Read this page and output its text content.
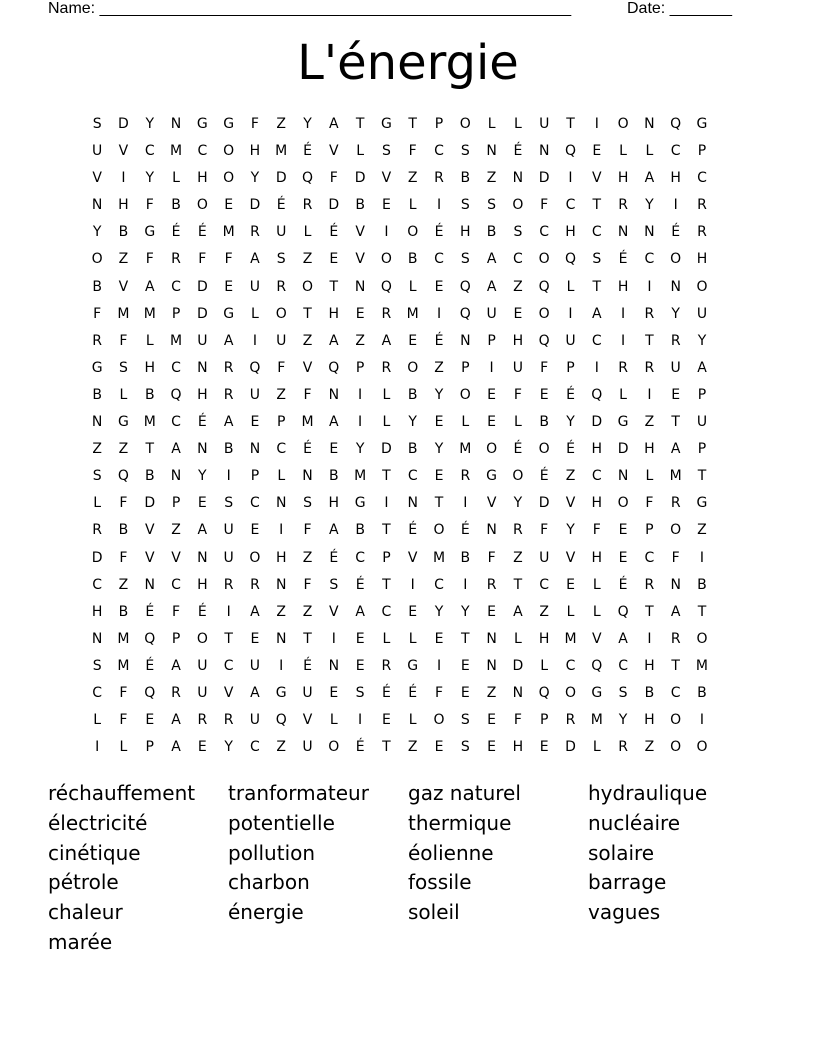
Name: _____________________________________________________	Date: _______
L'énergie
S D Y N G G F Z Y A T G T P O L L U T I O N Q G
U V C M C O H M É V L S F C S N É N Q E L L C P
V I Y L H O Y D Q F D V Z R B Z N D I V H A H C
N H F B O E D É R D B E L I S S O F C T R Y I R
Y B G É É M R U L É V I O É H B S C H C N N É R
O Z F R F F A S Z E V O B C S A C O Q S É C O H
B V A C D E U R O T N Q L E Q A Z Q L T H I N O
F M M P D G L O T H E R M I Q U E O I A I R Y U
R F L M U A I U Z A Z A E É N P H Q U C I T R Y
G S H C N R Q F V Q P R O Z P I U F P I R R U A
B L B Q H R U Z F N I L B Y O E F E É Q L I E P
N G M C É A E P M A I L Y E L E L B Y D G Z T U
Z Z T A N B N C É E Y D B Y M O É O É H D H A P
S Q B N Y I P L N B M T C E R G O É Z C N L M T
L F D P E S C N S H G I N T I V Y D V H O F R G
R B V Z A U E I F A B T É O É N R F Y F E P O Z
D F V V N U O H Z É C P V M B F Z U V H E C F I
C Z N C H R R N F S É T I C I R T C E L É R N B
H B É F É I A Z Z V A C E Y Y E A Z L L Q T A T
N M Q P O T E N T I E L L E T N L H M V A I R O
S M É A U C U I É N E R G I E N D L C Q C H T M
C F Q R U V A G U E S É É F E Z N Q O G S B C B
L F E A R R U Q V L I E L O S E F P R M Y H O I
I L P A E Y C Z U O É T Z E S E H E D L R Z O O
réchauffement	tranformateur	gaz naturel	hydraulique
électricité	potentielle	thermique	nucléaire
cinétique	pollution	éolienne	solaire
pétrole	charbon	fossile	barrage
chaleur	énergie	soleil	vagues
marée
